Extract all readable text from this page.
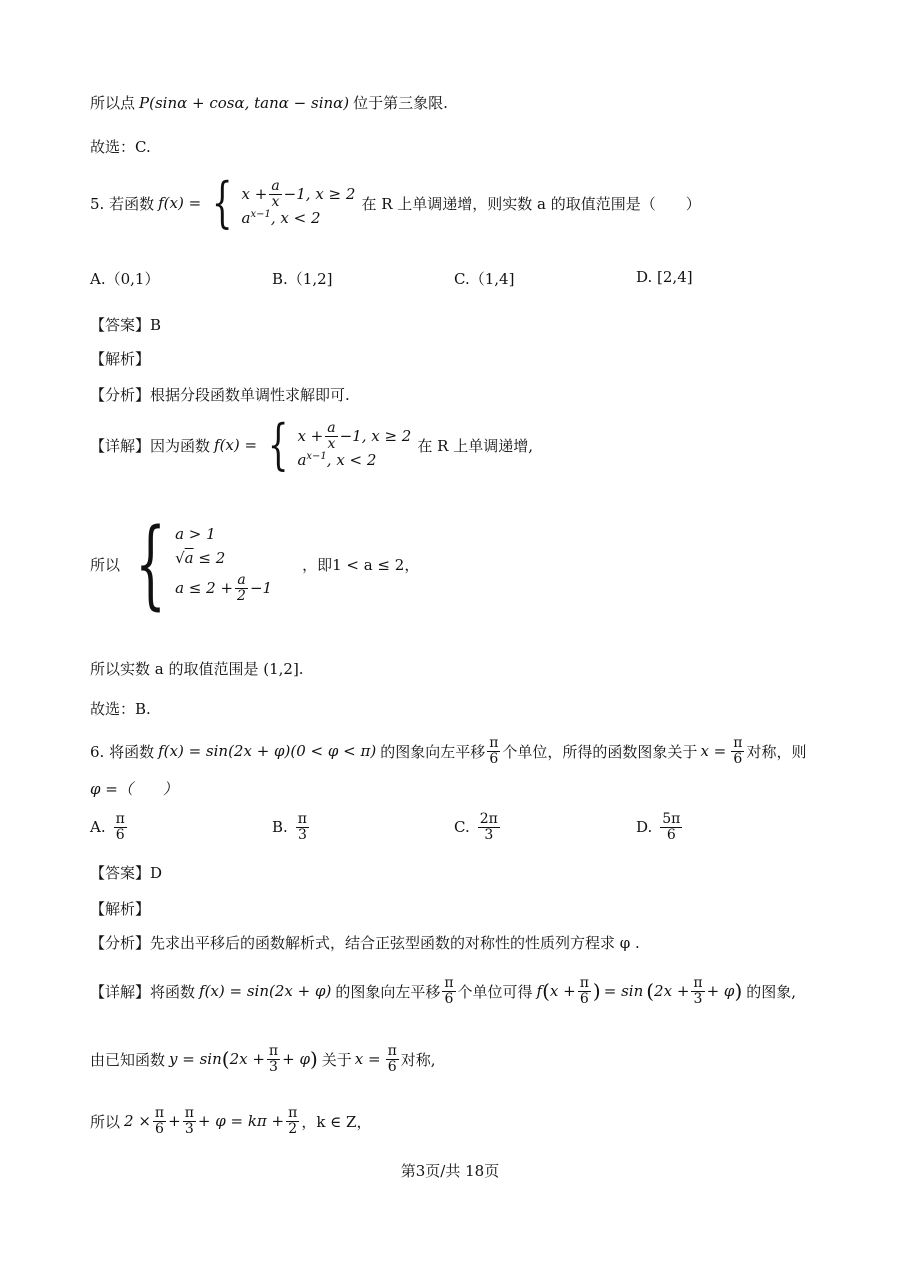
所以点 P(sinα + cosα, tanα − sinα) 位于第三象限.
故选：C.
5. 若函数 f(x) = { $x + \frac{a}{x} -1$, x ≥ 2
$a^{x-1}$, x < 2
在 R 上单调递增，则实数 a 的取值范围是（　　）
A.（0,1）	B.（1,2]	C.（1,4]	D. [2,4]
【答案】B
【解析】
【分析】根据分段函数单调性求解即可.
【详解】因为函数 f(x) = { $x + \frac{a}{x} -1$, x ≥ 2
$a^{x-1}$, x < 2
在 R 上单调递增,
所以 { a > 1
√a ≤ 2
$a \le 2 + \frac{a}{2} -1$
，即1 < a ≤ 2，
所以实数 a 的取值范围是 (1,2].
故选：B.
6. 将函数 f(x) = sin(2x + φ)(0 < φ < π) 的图象向左平移 $\frac{\pi}{6}$ 个单位，所得的函数图象关于 $x = \frac{\pi}{6}$ 对称，则
φ =（　　）
A. $\frac{\pi}{6}$	B. $\frac{\pi}{3}$	C. $\frac{2\pi}{3}$	D. $\frac{5\pi}{6}$
【答案】D
【解析】
【分析】先求出平移后的函数解析式，结合正弦型函数的对称性的性质列方程求 φ .
【详解】将函数 f(x) = sin(2x + φ) 的图象向左平移 $\frac{\pi}{6}$ 个单位可得 f ( $x + \frac{\pi}{6}$ ) = sin ( $2x + \frac{\pi}{3} + \varphi$ ) 的图象,
由已知函数 y = sin ( $2x + \frac{\pi}{3} + \varphi$ ) 关于 $x = \frac{\pi}{6}$ 对称,
所以 $2 \times \frac{\pi}{6} + \frac{\pi}{3} + \varphi = k\pi + \frac{\pi}{2}$ ，k ∈ Z，
第3页/共 18页
